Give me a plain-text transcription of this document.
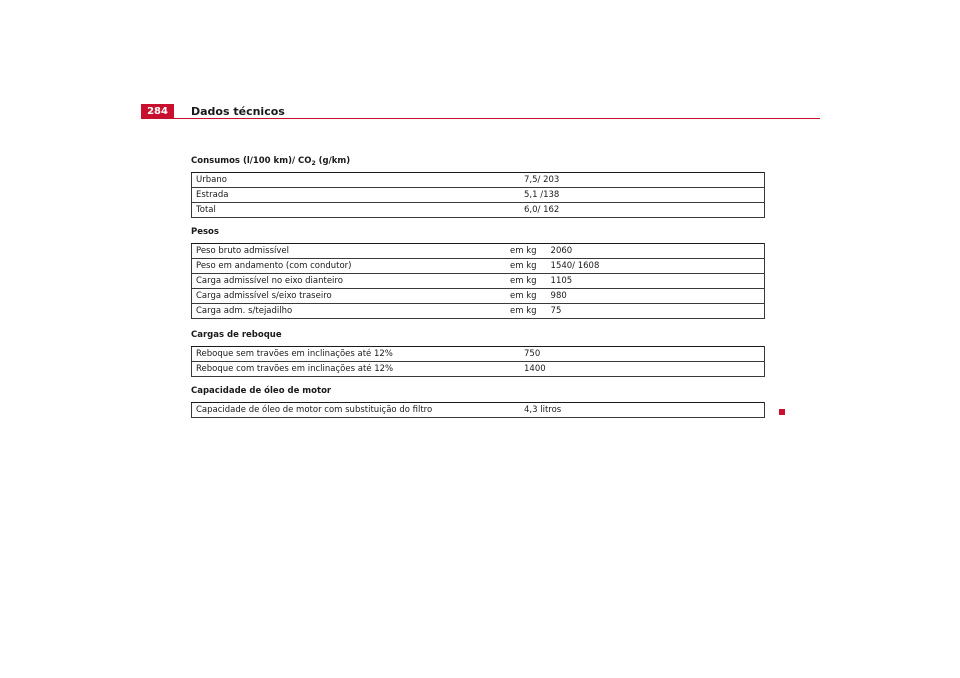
284	Dados técnicos
Consumos (l/100 km)/ $CO_2$ (g/km)
Urbano		7,5/ 203
Estrada		5,1 /138
Total		6,0/ 162
Pesos
Peso bruto admissível	em kg	2060
Peso em andamento (com condutor)	em kg	1540/ 1608
Carga admissível no eixo dianteiro	em kg	1105
Carga admissível s/eixo traseiro	em kg	980
Carga adm. s/tejadilho	em kg	75
Cargas de reboque
Reboque sem travões em inclinações até 12%		750
Reboque com travões em inclinações até 12%		1400
Capacidade de óleo de motor
Capacidade de óleo de motor com substituição do filtro		4,3 litros
